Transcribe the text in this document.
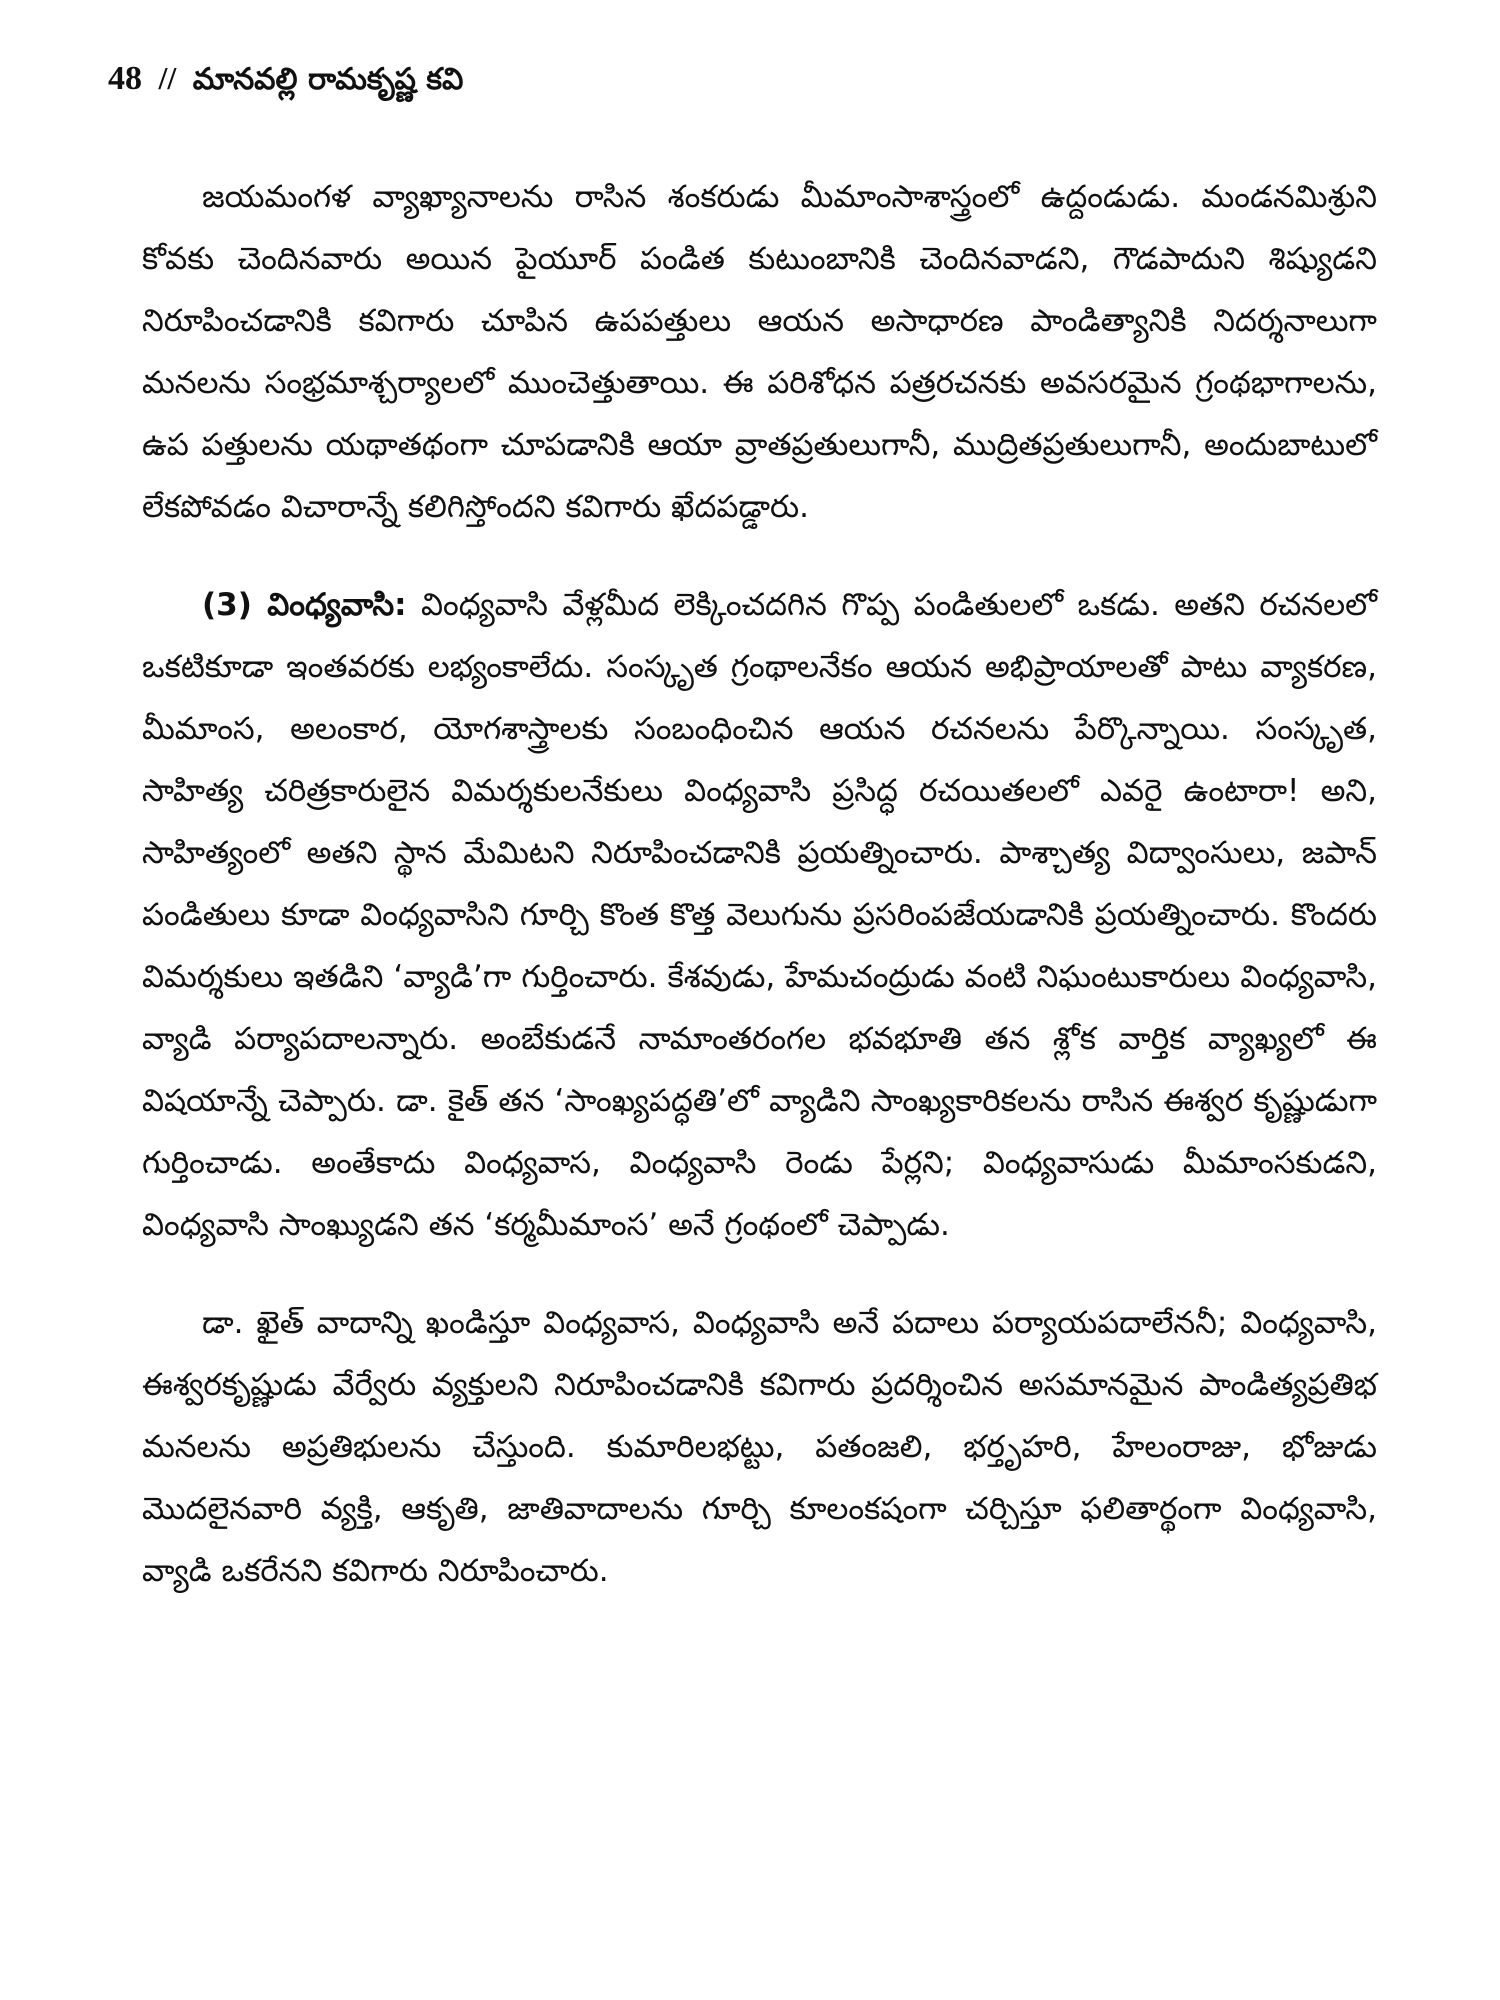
48 // మానవల్లి రామకృష్ణ కవి

జయమంగళ వ్యాఖ్యానాలను రాసిన శంకరుడు మీమాంసాశాస్త్రంలో ఉద్దండుడు. మండనమిశ్రుని కోవకు చెందినవారు అయిన పైయూర్ పండిత కుటుంబానికి చెందినవాడని, గౌడపాదుని శిష్యుడని నిరూపించడానికి కవిగారు చూపిన ఉపపత్తులు ఆయన అసాధారణ పాండిత్యానికి నిదర్శనాలుగా మనలను సంభ్రమాశ్చర్యాలలో ముంచెత్తుతాయి. ఈ పరిశోధన పత్రరచనకు అవసరమైన గ్రంథభాగాలను, ఉప పత్తులను యథాతథంగా చూపడానికి ఆయా వ్రాతప్రతులుగానీ, ముద్రితప్రతులుగానీ, అందుబాటులో లేకపోవడం విచారాన్నే కలిగిస్తోందని కవిగారు ఖేదపడ్డారు.

(3) వింధ్యవాసి: వింధ్యవాసి వేళ్లమీద లెక్కించదగిన గొప్ప పండితులలో ఒకడు. అతని రచనలలో ఒకటికూడా ఇంతవరకు లభ్యంకాలేదు. సంస్కృత గ్రంథాలనేకం ఆయన అభిప్రాయాలతో పాటు వ్యాకరణ, మీమాంస, అలంకార, యోగశాస్త్రాలకు సంబంధించిన ఆయన రచనలను పేర్కొన్నాయి. సంస్కృత, సాహిత్య చరిత్రకారులైన విమర్శకులనేకులు వింధ్యవాసి ప్రసిద్ధ రచయితలలో ఎవరై ఉంటారా! అని, సాహిత్యంలో అతని స్థాన మేమిటని నిరూపించడానికి ప్రయత్నించారు. పాశ్చాత్య విద్వాంసులు, జపాన్ పండితులు కూడా వింధ్యవాసిని గూర్చి కొంత కొత్త వెలుగును ప్రసరింపజేయడానికి ప్రయత్నించారు. కొందరు విమర్శకులు ఇతడిని ‘వ్యాడి’గా గుర్తించారు. కేశవుడు, హేమచంద్రుడు వంటి నిఘంటుకారులు వింధ్యవాసి, వ్యాడి పర్యాపదాలన్నారు. అంబేకుడనే నామాంతరంగల భవభూతి తన శ్లోక వార్తిక వ్యాఖ్యలో ఈ విషయాన్నే చెప్పారు. డా. కైత్ తన ‘సాంఖ్యపద్ధతి’లో వ్యాడిని సాంఖ్యకారికలను రాసిన ఈశ్వర కృష్ణుడుగా గుర్తించాడు. అంతేకాదు వింధ్యవాస, వింధ్యవాసి రెండు పేర్లని; వింధ్యవాసుడు మీమాంసకుడని, వింధ్యవాసి సాంఖ్యుడని తన ‘కర్మమీమాంస’ అనే గ్రంథంలో చెప్పాడు.

డా. ఖైత్ వాదాన్ని ఖండిస్తూ వింధ్యవాస, వింధ్యవాసి అనే పదాలు పర్యాయపదాలేననీ; వింధ్యవాసి, ఈశ్వరకృష్ణుడు వేర్వేరు వ్యక్తులని నిరూపించడానికి కవిగారు ప్రదర్శించిన అసమానమైన పాండిత్యప్రతిభ మనలను అప్రతిభులను చేస్తుంది. కుమారిలభట్టు, పతంజలి, భర్తృహరి, హేలంరాజు, భోజుడు మొదలైనవారి వ్యక్తి, ఆకృతి, జాతివాదాలను గూర్చి కూలంకషంగా చర్చిస్తూ ఫలితార్థంగా వింధ్యవాసి, వ్యాడి ఒకరేనని కవిగారు నిరూపించారు.
